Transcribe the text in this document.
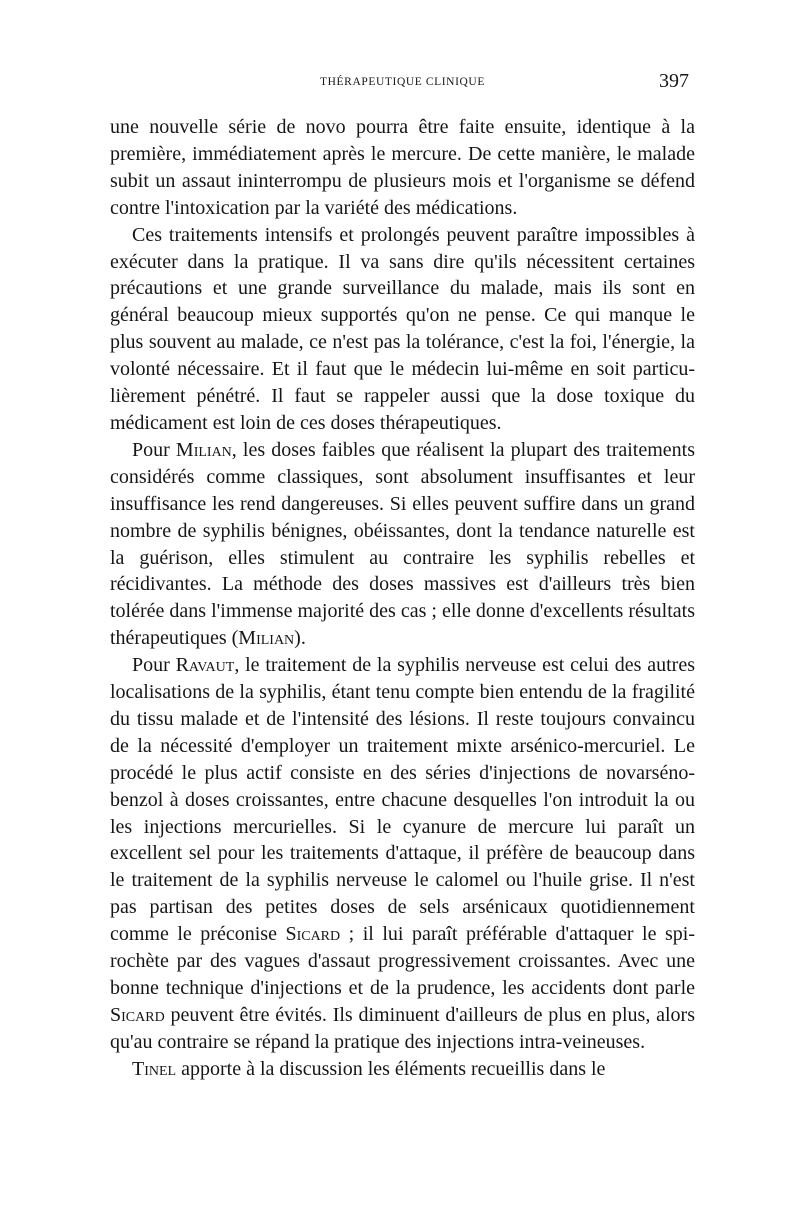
THÉRAPEUTIQUE CLINIQUE	397

une nouvelle série de novo pourra être faite ensuite, identique à la première, immédiatement après le mercure. De cette manière, le malade subit un assaut ininterrompu de plusieurs mois et l'organisme se défend contre l'intoxication par la variété des médications.

Ces traitements intensifs et prolongés peuvent paraître impossibles à exécuter dans la pratique. Il va sans dire qu'ils nécessitent certaines précautions et une grande surveillance du malade, mais ils sont en général beaucoup mieux supportés qu'on ne pense. Ce qui manque le plus souvent au malade, ce n'est pas la tolérance, c'est la foi, l'énergie, la volonté nécessaire. Et il faut que le médecin lui-même en soit particulièrement pénétré. Il faut se rappeler aussi que la dose toxique du médicament est loin de ces doses thérapeutiques.

Pour Milian, les doses faibles que réalisent la plupart des traitements considérés comme classiques, sont absolument insuffisantes et leur insuffisance les rend dangereuses. Si elles peuvent suffire dans un grand nombre de syphilis bénignes, obéissantes, dont la tendance naturelle est la guérison, elles stimulent au contraire les syphilis rebelles et récidivantes. La méthode des doses massives est d'ailleurs très bien tolérée dans l'immense majorité des cas ; elle donne d'excellents résultats thérapeutiques (Milian).

Pour Ravaut, le traitement de la syphilis nerveuse est celui des autres localisations de la syphilis, étant tenu compte bien entendu de la fragilité du tissu malade et de l'intensité des lésions. Il reste toujours convaincu de la nécessité d'employer un traitement mixte arsénico-mercuriel. Le procédé le plus actif consiste en des séries d'injections de novarsénobenzol à doses croissantes, entre chacune desquelles l'on introduit la ou les injections mercurielles. Si le cyanure de mercure lui paraît un excellent sel pour les traitements d'attaque, il préfère de beaucoup dans le traitement de la syphilis nerveuse le calomel ou l'huile grise. Il n'est pas partisan des petites doses de sels arsénicaux quotidiennement comme le préconise Sicard ; il lui paraît préférable d'attaquer le spirochète par des vagues d'assaut progressivement croissantes. Avec une bonne technique d'injections et de la prudence, les accidents dont parle Sicard peuvent être évités. Ils diminuent d'ailleurs de plus en plus, alors qu'au contraire se répand la pratique des injections intra-veineuses.

Tinel apporte à la discussion les éléments recueillis dans le
